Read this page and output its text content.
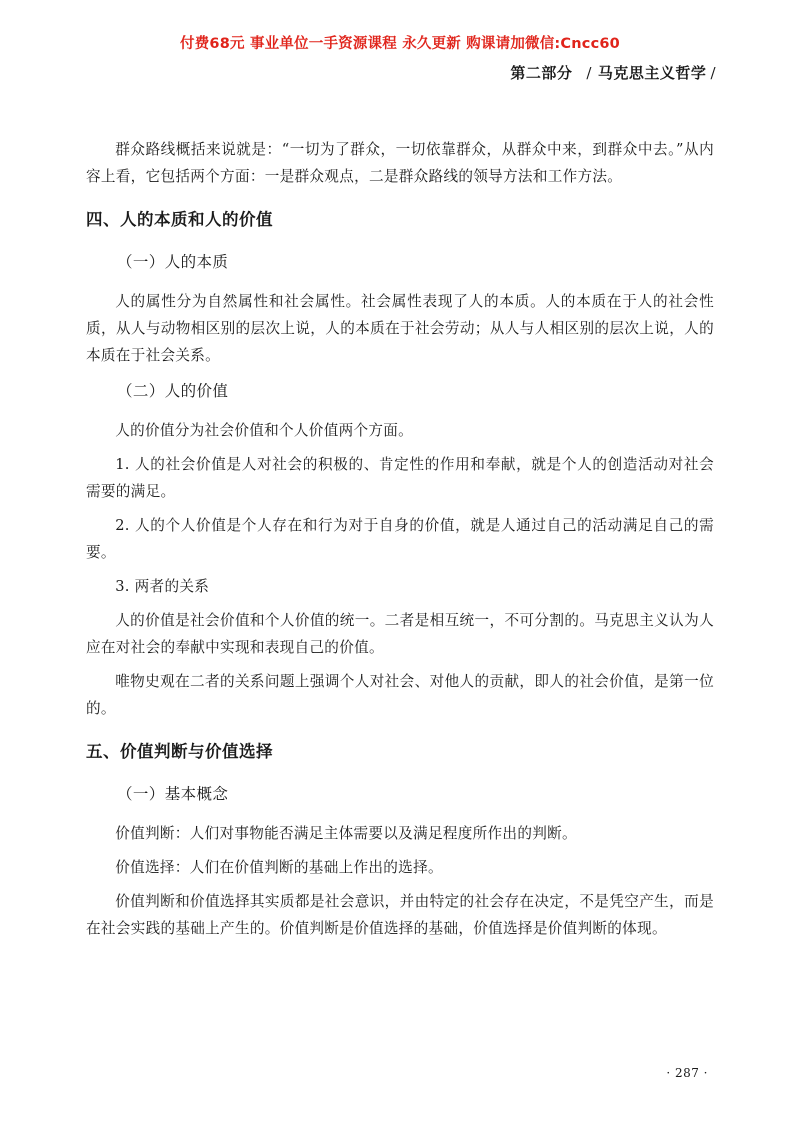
付费68元 事业单位一手资源课程 永久更新 购课请加微信:Cncc60
第二部分 / 马克思主义哲学 /

群众路线概括来说就是：“一切为了群众，一切依靠群众，从群众中来，到群众中去。”从内容上看，它包括两个方面：一是群众观点，二是群众路线的领导方法和工作方法。

四、人的本质和人的价值
（一）人的本质

人的属性分为自然属性和社会属性。社会属性表现了人的本质。人的本质在于人的社会性质，从人与动物相区别的层次上说，人的本质在于社会劳动；从人与人相区别的层次上说，人的本质在于社会关系。

（二）人的价值

人的价值分为社会价值和个人价值两个方面。

1. 人的社会价值是人对社会的积极的、肯定性的作用和奉献，就是个人的创造活动对社会需要的满足。

2. 人的个人价值是个人存在和行为对于自身的价值，就是人通过自己的活动满足自己的需要。

3. 两者的关系

人的价值是社会价值和个人价值的统一。二者是相互统一，不可分割的。马克思主义认为人应在对社会的奉献中实现和表现自己的价值。

唯物史观在二者的关系问题上强调个人对社会、对他人的贡献，即人的社会价值，是第一位的。

五、价值判断与价值选择
（一）基本概念

价值判断：人们对事物能否满足主体需要以及满足程度所作出的判断。

价值选择：人们在价值判断的基础上作出的选择。

价值判断和价值选择其实质都是社会意识，并由特定的社会存在决定，不是凭空产生，而是在社会实践的基础上产生的。价值判断是价值选择的基础，价值选择是价值判断的体现。

· 287 ·
